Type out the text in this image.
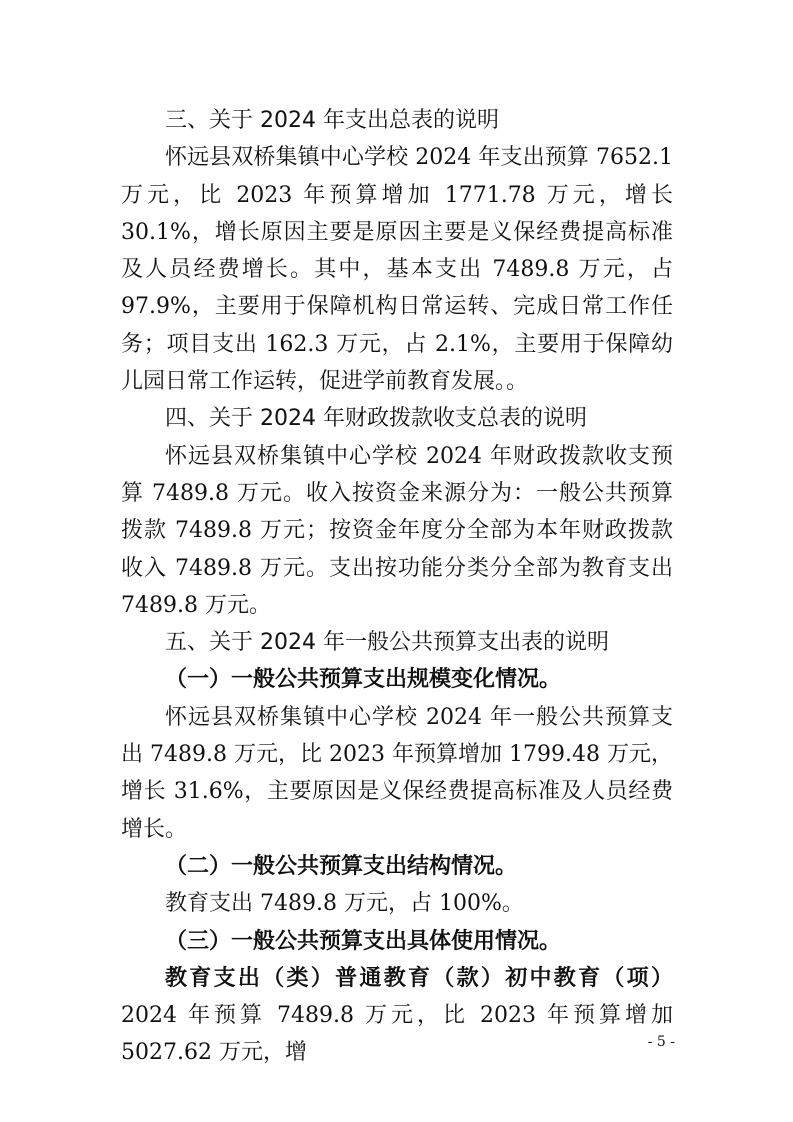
三、关于 2024 年支出总表的说明

怀远县双桥集镇中心学校 2024 年支出预算 7652.1 万元，比 2023 年预算增加 1771.78 万元，增长 30.1%，增长原因主要是原因主要是义保经费提高标准及人员经费增长。其中，基本支出 7489.8 万元，占 97.9%，主要用于保障机构日常运转、完成日常工作任务；项目支出 162.3 万元，占 2.1%，主要用于保障幼儿园日常工作运转，促进学前教育发展。。

四、关于 2024 年财政拨款收支总表的说明

怀远县双桥集镇中心学校 2024 年财政拨款收支预算 7489.8 万元。收入按资金来源分为：一般公共预算拨款 7489.8 万元；按资金年度分全部为本年财政拨款收入 7489.8 万元。支出按功能分类分全部为教育支出 7489.8 万元。

五、关于 2024 年一般公共预算支出表的说明

（一）一般公共预算支出规模变化情况。

怀远县双桥集镇中心学校 2024 年一般公共预算支出 7489.8 万元，比 2023 年预算增加 1799.48 万元，增长 31.6%，主要原因是义保经费提高标准及人员经费增长。

（二）一般公共预算支出结构情况。

教育支出 7489.8 万元，占 100%。

（三）一般公共预算支出具体使用情况。

教育支出（类）普通教育（款）初中教育（项）2024 年预算 7489.8 万元，比 2023 年预算增加 5027.62 万元，增	- 5 -
